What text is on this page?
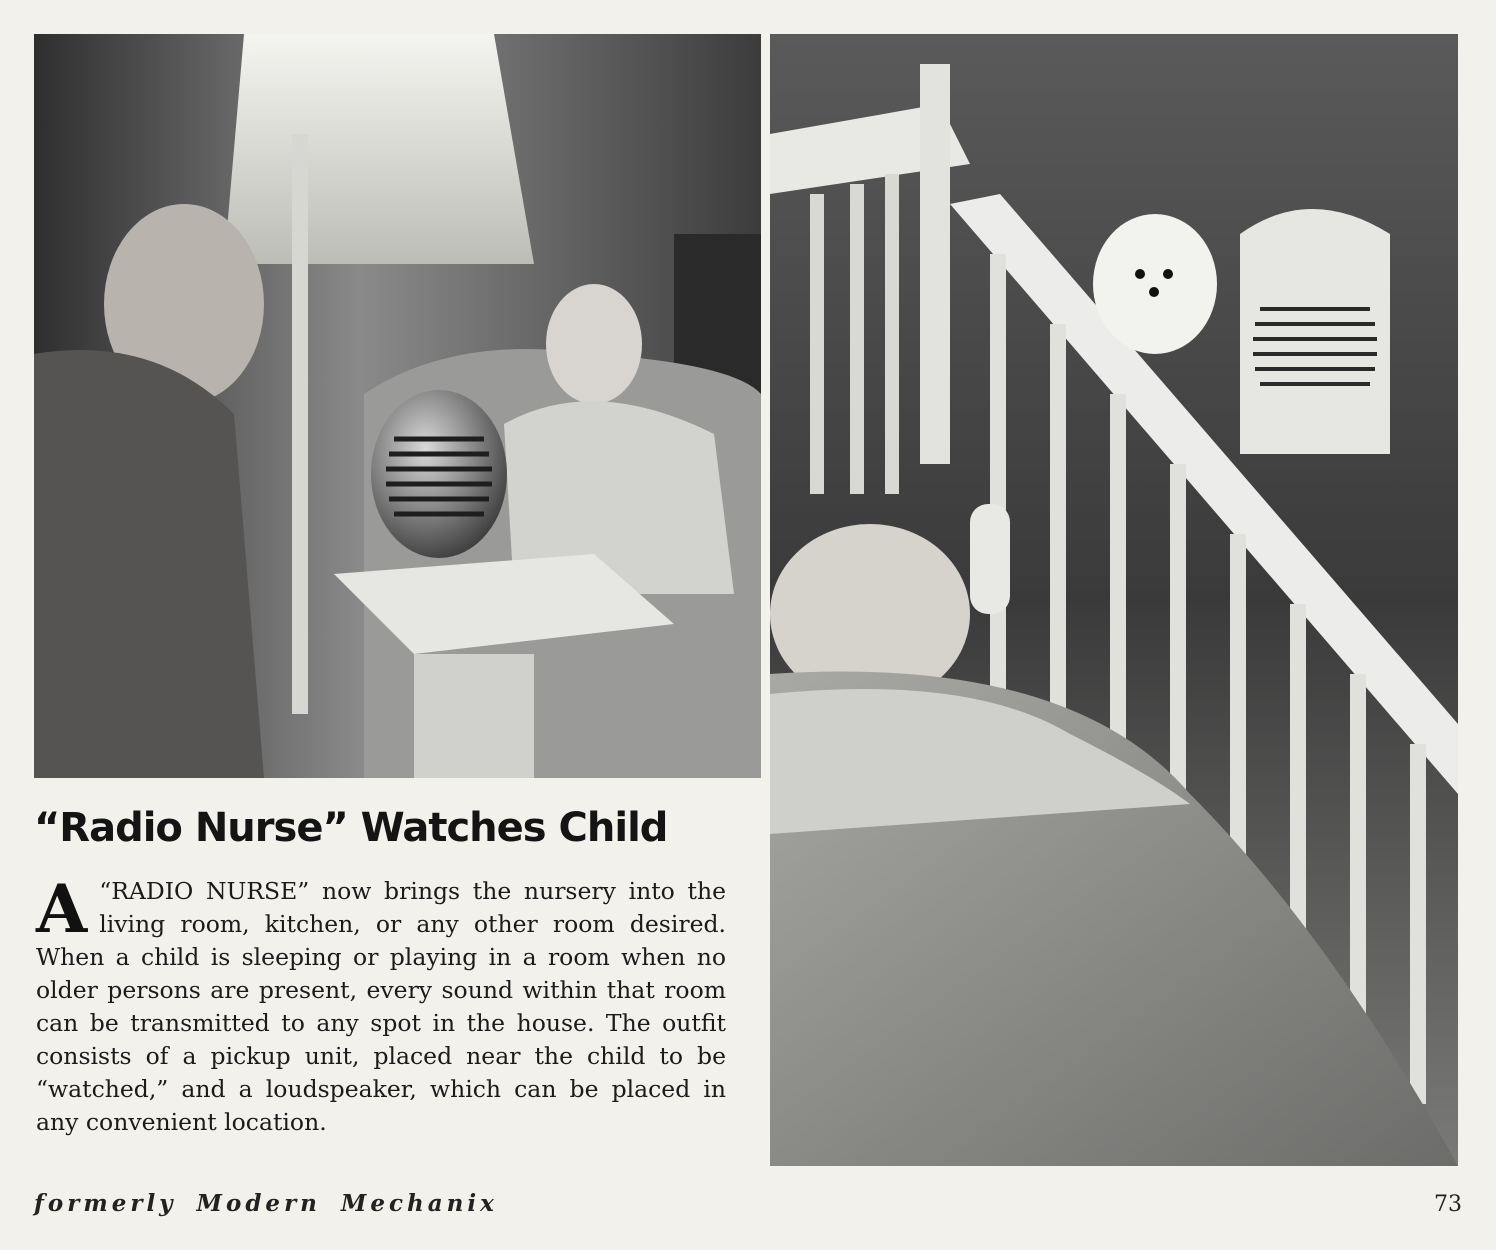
“Radio Nurse” Watches Child

A “RADIO NURSE” now brings the nursery into the living room, kitchen, or any other room desired. When a child is sleeping or playing in a room when no older persons are present, every sound within that room can be transmitted to any spot in the house. The outfit consists of a pickup unit, placed near the child to be “watched,” and a loudspeaker, which can be placed in any convenient location.

formerly Modern Mechanix	73
